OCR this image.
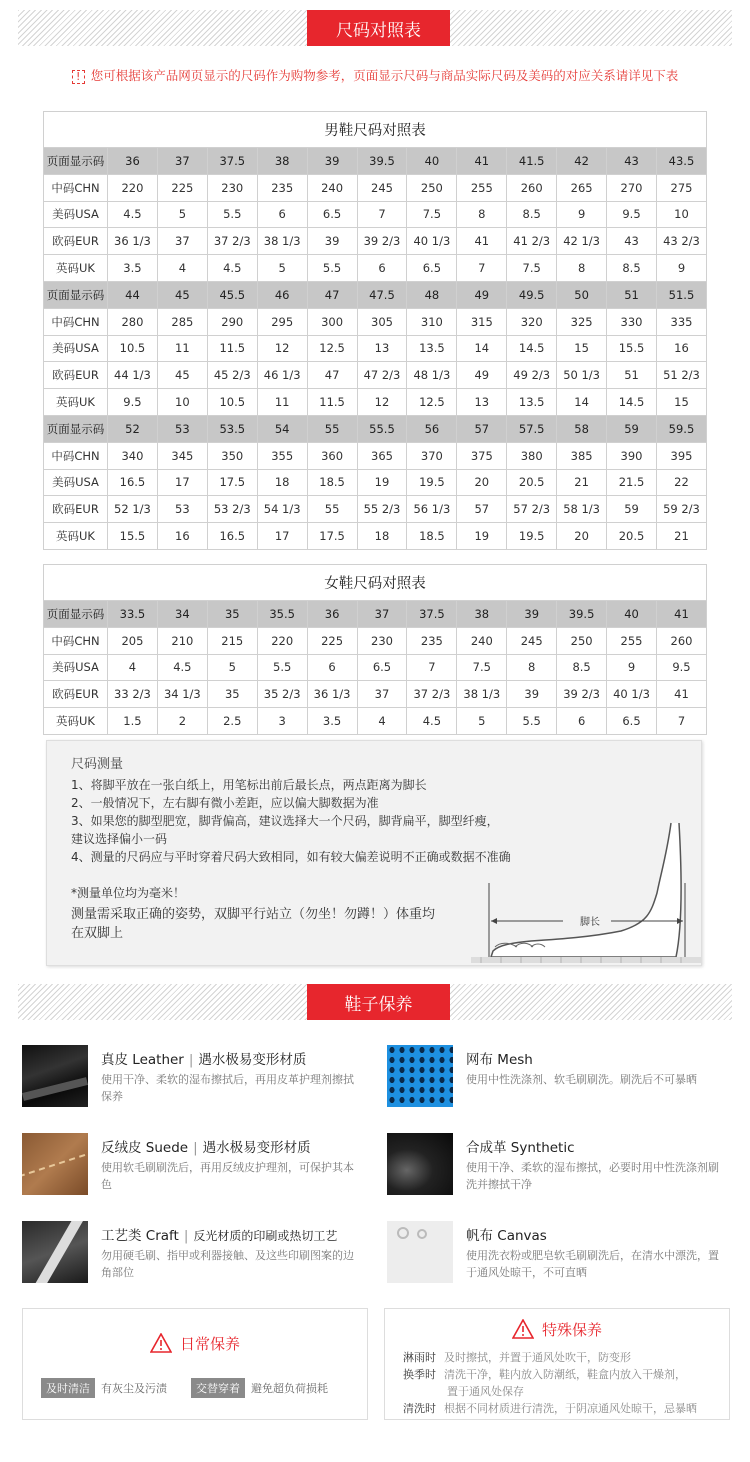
尺码对照表
! 您可根据该产品网页显示的尺码作为购物参考，页面显示尺码与商品实际尺码及美码的对应关系请详见下表
男鞋尺码对照表												
页面显示码	36	37	37.5	38	39	39.5	40	41	41.5	42	43	43.5
中码CHN	220	225	230	235	240	245	250	255	260	265	270	275
美码USA	4.5	5	5.5	6	6.5	7	7.5	8	8.5	9	9.5	10
欧码EUR	36 1/3	37	37 2/3	38 1/3	39	39 2/3	40 1/3	41	41 2/3	42 1/3	43	43 2/3
英码UK	3.5	4	4.5	5	5.5	6	6.5	7	7.5	8	8.5	9
页面显示码	44	45	45.5	46	47	47.5	48	49	49.5	50	51	51.5
中码CHN	280	285	290	295	300	305	310	315	320	325	330	335
美码USA	10.5	11	11.5	12	12.5	13	13.5	14	14.5	15	15.5	16
欧码EUR	44 1/3	45	45 2/3	46 1/3	47	47 2/3	48 1/3	49	49 2/3	50 1/3	51	51 2/3
英码UK	9.5	10	10.5	11	11.5	12	12.5	13	13.5	14	14.5	15
页面显示码	52	53	53.5	54	55	55.5	56	57	57.5	58	59	59.5
中码CHN	340	345	350	355	360	365	370	375	380	385	390	395
美码USA	16.5	17	17.5	18	18.5	19	19.5	20	20.5	21	21.5	22
欧码EUR	52 1/3	53	53 2/3	54 1/3	55	55 2/3	56 1/3	57	57 2/3	58 1/3	59	59 2/3
英码UK	15.5	16	16.5	17	17.5	18	18.5	19	19.5	20	20.5	21
女鞋尺码对照表												
页面显示码	33.5	34	35	35.5	36	37	37.5	38	39	39.5	40	41
中码CHN	205	210	215	220	225	230	235	240	245	250	255	260
美码USA	4	4.5	5	5.5	6	6.5	7	7.5	8	8.5	9	9.5
欧码EUR	33 2/3	34 1/3	35	35 2/3	36 1/3	37	37 2/3	38 1/3	39	39 2/3	40 1/3	41
英码UK	1.5	2	2.5	3	3.5	4	4.5	5	5.5	6	6.5	7
尺码测量
1、将脚平放在一张白纸上，用笔标出前后最长点，两点距离为脚长
2、一般情况下，左右脚有微小差距，应以偏大脚数据为准
3、如果您的脚型肥宽，脚背偏高，建议选择大一个尺码，脚背扁平，脚型纤瘦，
建议选择偏小一码
4、测量的尺码应与平时穿着尺码大致相同，如有较大偏差说明不正确或数据不准确
*测量单位均为毫米！
测量需采取正确的姿势，双脚平行站立（勿坐！勿蹲！）体重均
在双脚上
脚长
鞋子保养
真皮 Leather | 遇水极易变形材质
使用干净、柔软的湿布擦拭后，再用皮革护理剂擦拭保养
网布 Mesh
使用中性洗涤剂、软毛刷刷洗。刷洗后不可暴晒
反绒皮 Suede | 遇水极易变形材质
使用软毛刷刷洗后，再用反绒皮护理剂，可保护其本色
合成革 Synthetic
使用干净、柔软的湿布擦拭，必要时用中性洗涤剂刷洗并擦拭干净
工艺类 Craft | 反光材质的印刷或热切工艺
勿用硬毛刷、指甲或利器接触、及这些印刷图案的边角部位
帆布 Canvas
使用洗衣粉或肥皂软毛刷刷洗后，在清水中漂洗，置于通风处晾干，不可直晒
日常保养
及时清洁 有灰尘及污渍	交替穿着 避免超负荷损耗
特殊保养
淋雨时 及时擦拭，并置于通风处吹干，防变形
换季时 清洗干净，鞋内放入防潮纸，鞋盒内放入干燥剂，
置于通风处保存
清洗时 根据不同材质进行清洗，于阴凉通风处晾干，忌暴晒
